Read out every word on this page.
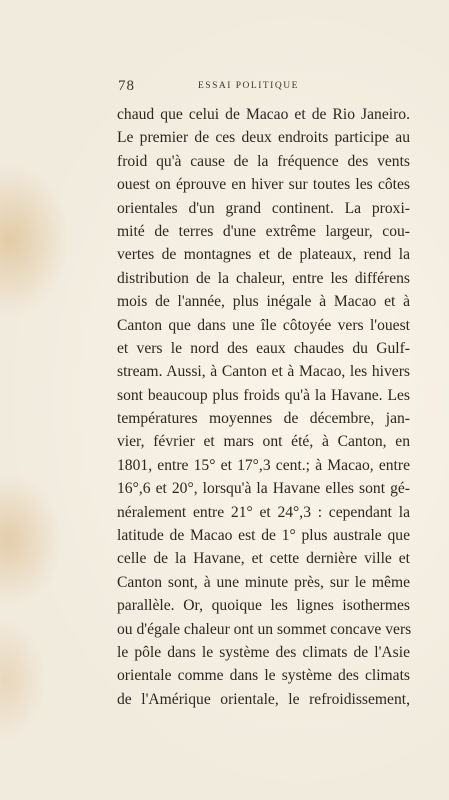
78	ESSAI POLITIQUE
chaud que celui de Macao et de Rio Janeiro.
Le premier de ces deux endroits participe au
froid qu'à cause de la fréquence des vents
ouest on éprouve en hiver sur toutes les côtes
orientales d'un grand continent. La proxi-
mité de terres d'une extrême largeur, cou-
vertes de montagnes et de plateaux, rend la
distribution de la chaleur, entre les différens
mois de l'année, plus inégale à Macao et à
Canton que dans une île côtoyée vers l'ouest
et vers le nord des eaux chaudes du Gulf-
stream. Aussi, à Canton et à Macao, les hivers
sont beaucoup plus froids qu'à la Havane. Les
températures moyennes de décembre, jan-
vier, février et mars ont été, à Canton, en
1801, entre 15° et 17°,3 cent.; à Macao, entre
16°,6 et 20°, lorsqu'à la Havane elles sont gé-
néralement entre 21° et 24°,3 : cependant la
latitude de Macao est de 1° plus australe que
celle de la Havane, et cette dernière ville et
Canton sont, à une minute près, sur le même
parallèle. Or, quoique les lignes isothermes
ou d'égale chaleur ont un sommet concave vers
le pôle dans le système des climats de l'Asie
orientale comme dans le système des climats
de l'Amérique orientale, le refroidissement,
